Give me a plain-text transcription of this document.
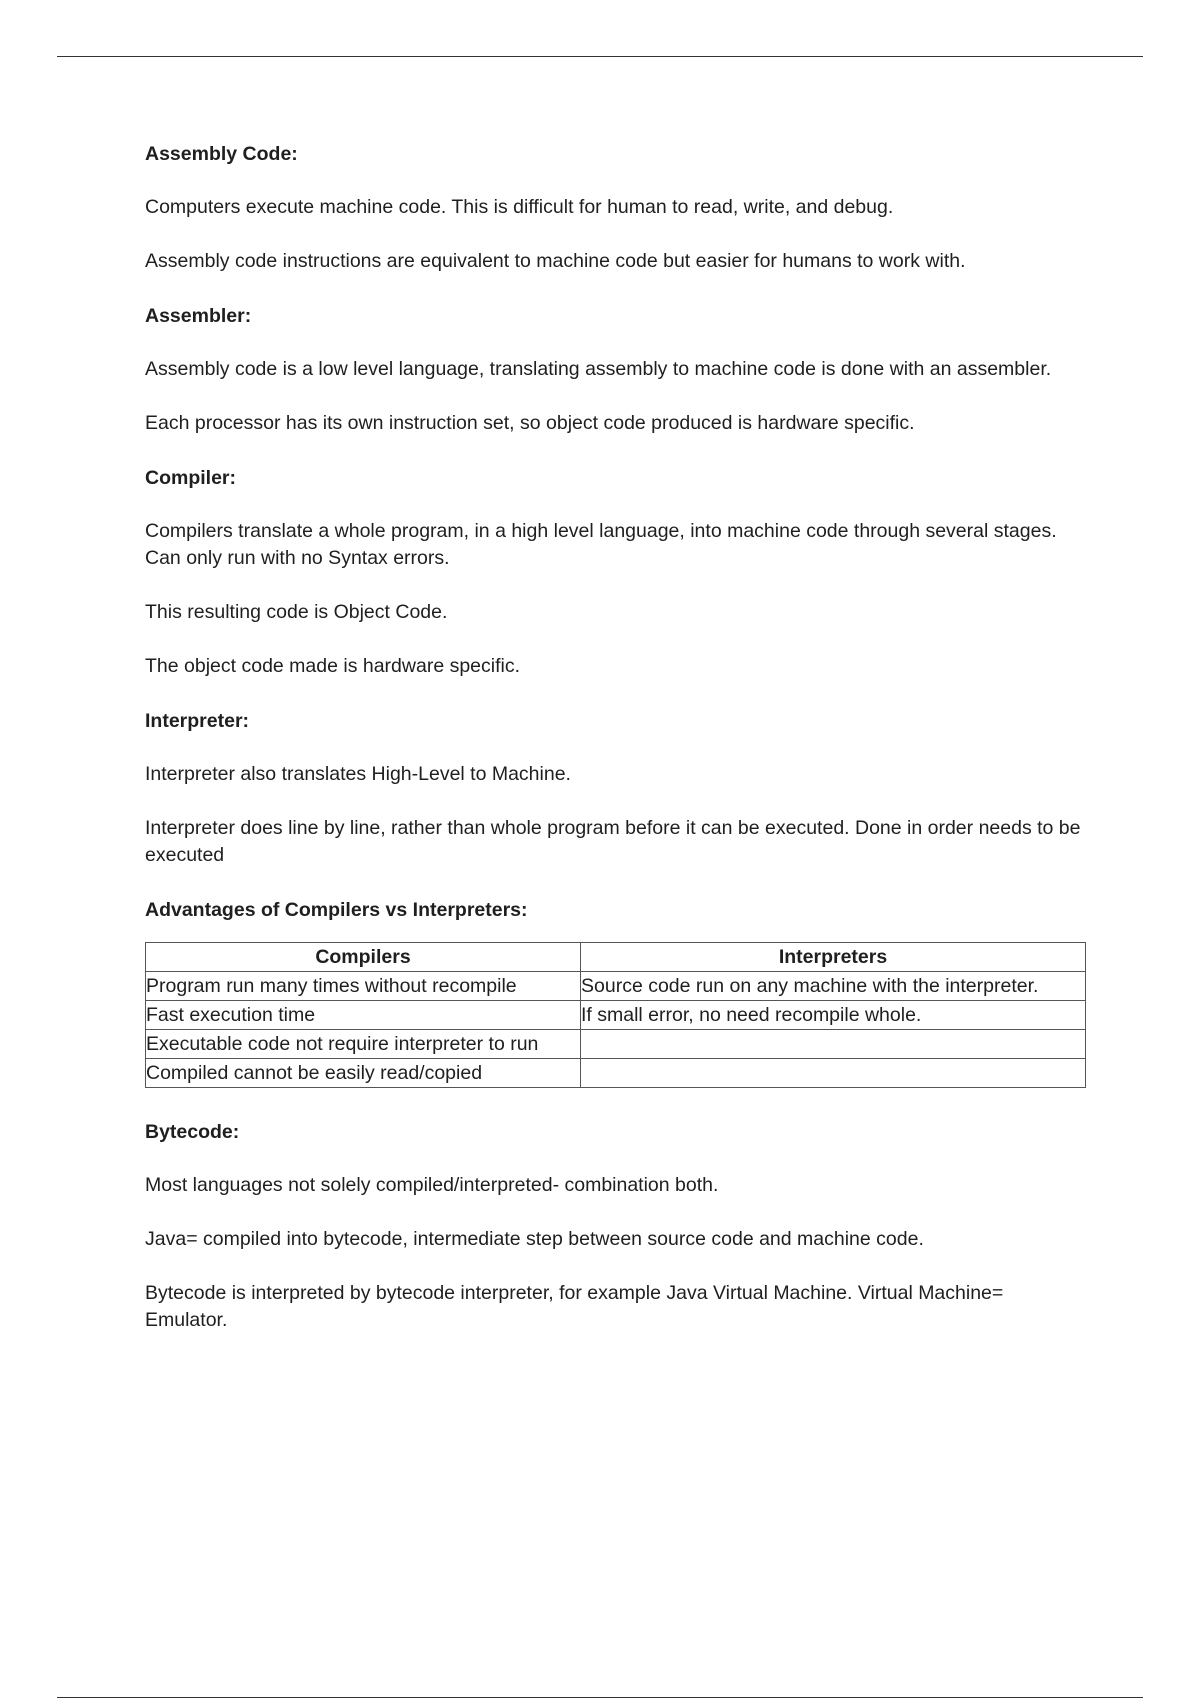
Assembly Code:
Computers execute machine code. This is difficult for human to read, write, and debug.
Assembly code instructions are equivalent to machine code but easier for humans to work with.
Assembler:
Assembly code is a low level language, translating assembly to machine code is done with an assembler.
Each processor has its own instruction set, so object code produced is hardware specific.
Compiler:
Compilers translate a whole program, in a high level language, into machine code through several stages. Can only run with no Syntax errors.
This resulting code is Object Code.
The object code made is hardware specific.
Interpreter:
Interpreter also translates High-Level to Machine.
Interpreter does line by line, rather than whole program before it can be executed. Done in order needs to be executed
Advantages of Compilers vs Interpreters:
Compilers	Interpreters
Program run many times without recompile	Source code run on any machine with the interpreter.
Fast execution time	If small error, no need recompile whole.
Executable code not require interpreter to run	
Compiled cannot be easily read/copied	
Bytecode:
Most languages not solely compiled/interpreted- combination both.
Java= compiled into bytecode, intermediate step between source code and machine code.
Bytecode is interpreted by bytecode interpreter, for example Java Virtual Machine. Virtual Machine= Emulator.
